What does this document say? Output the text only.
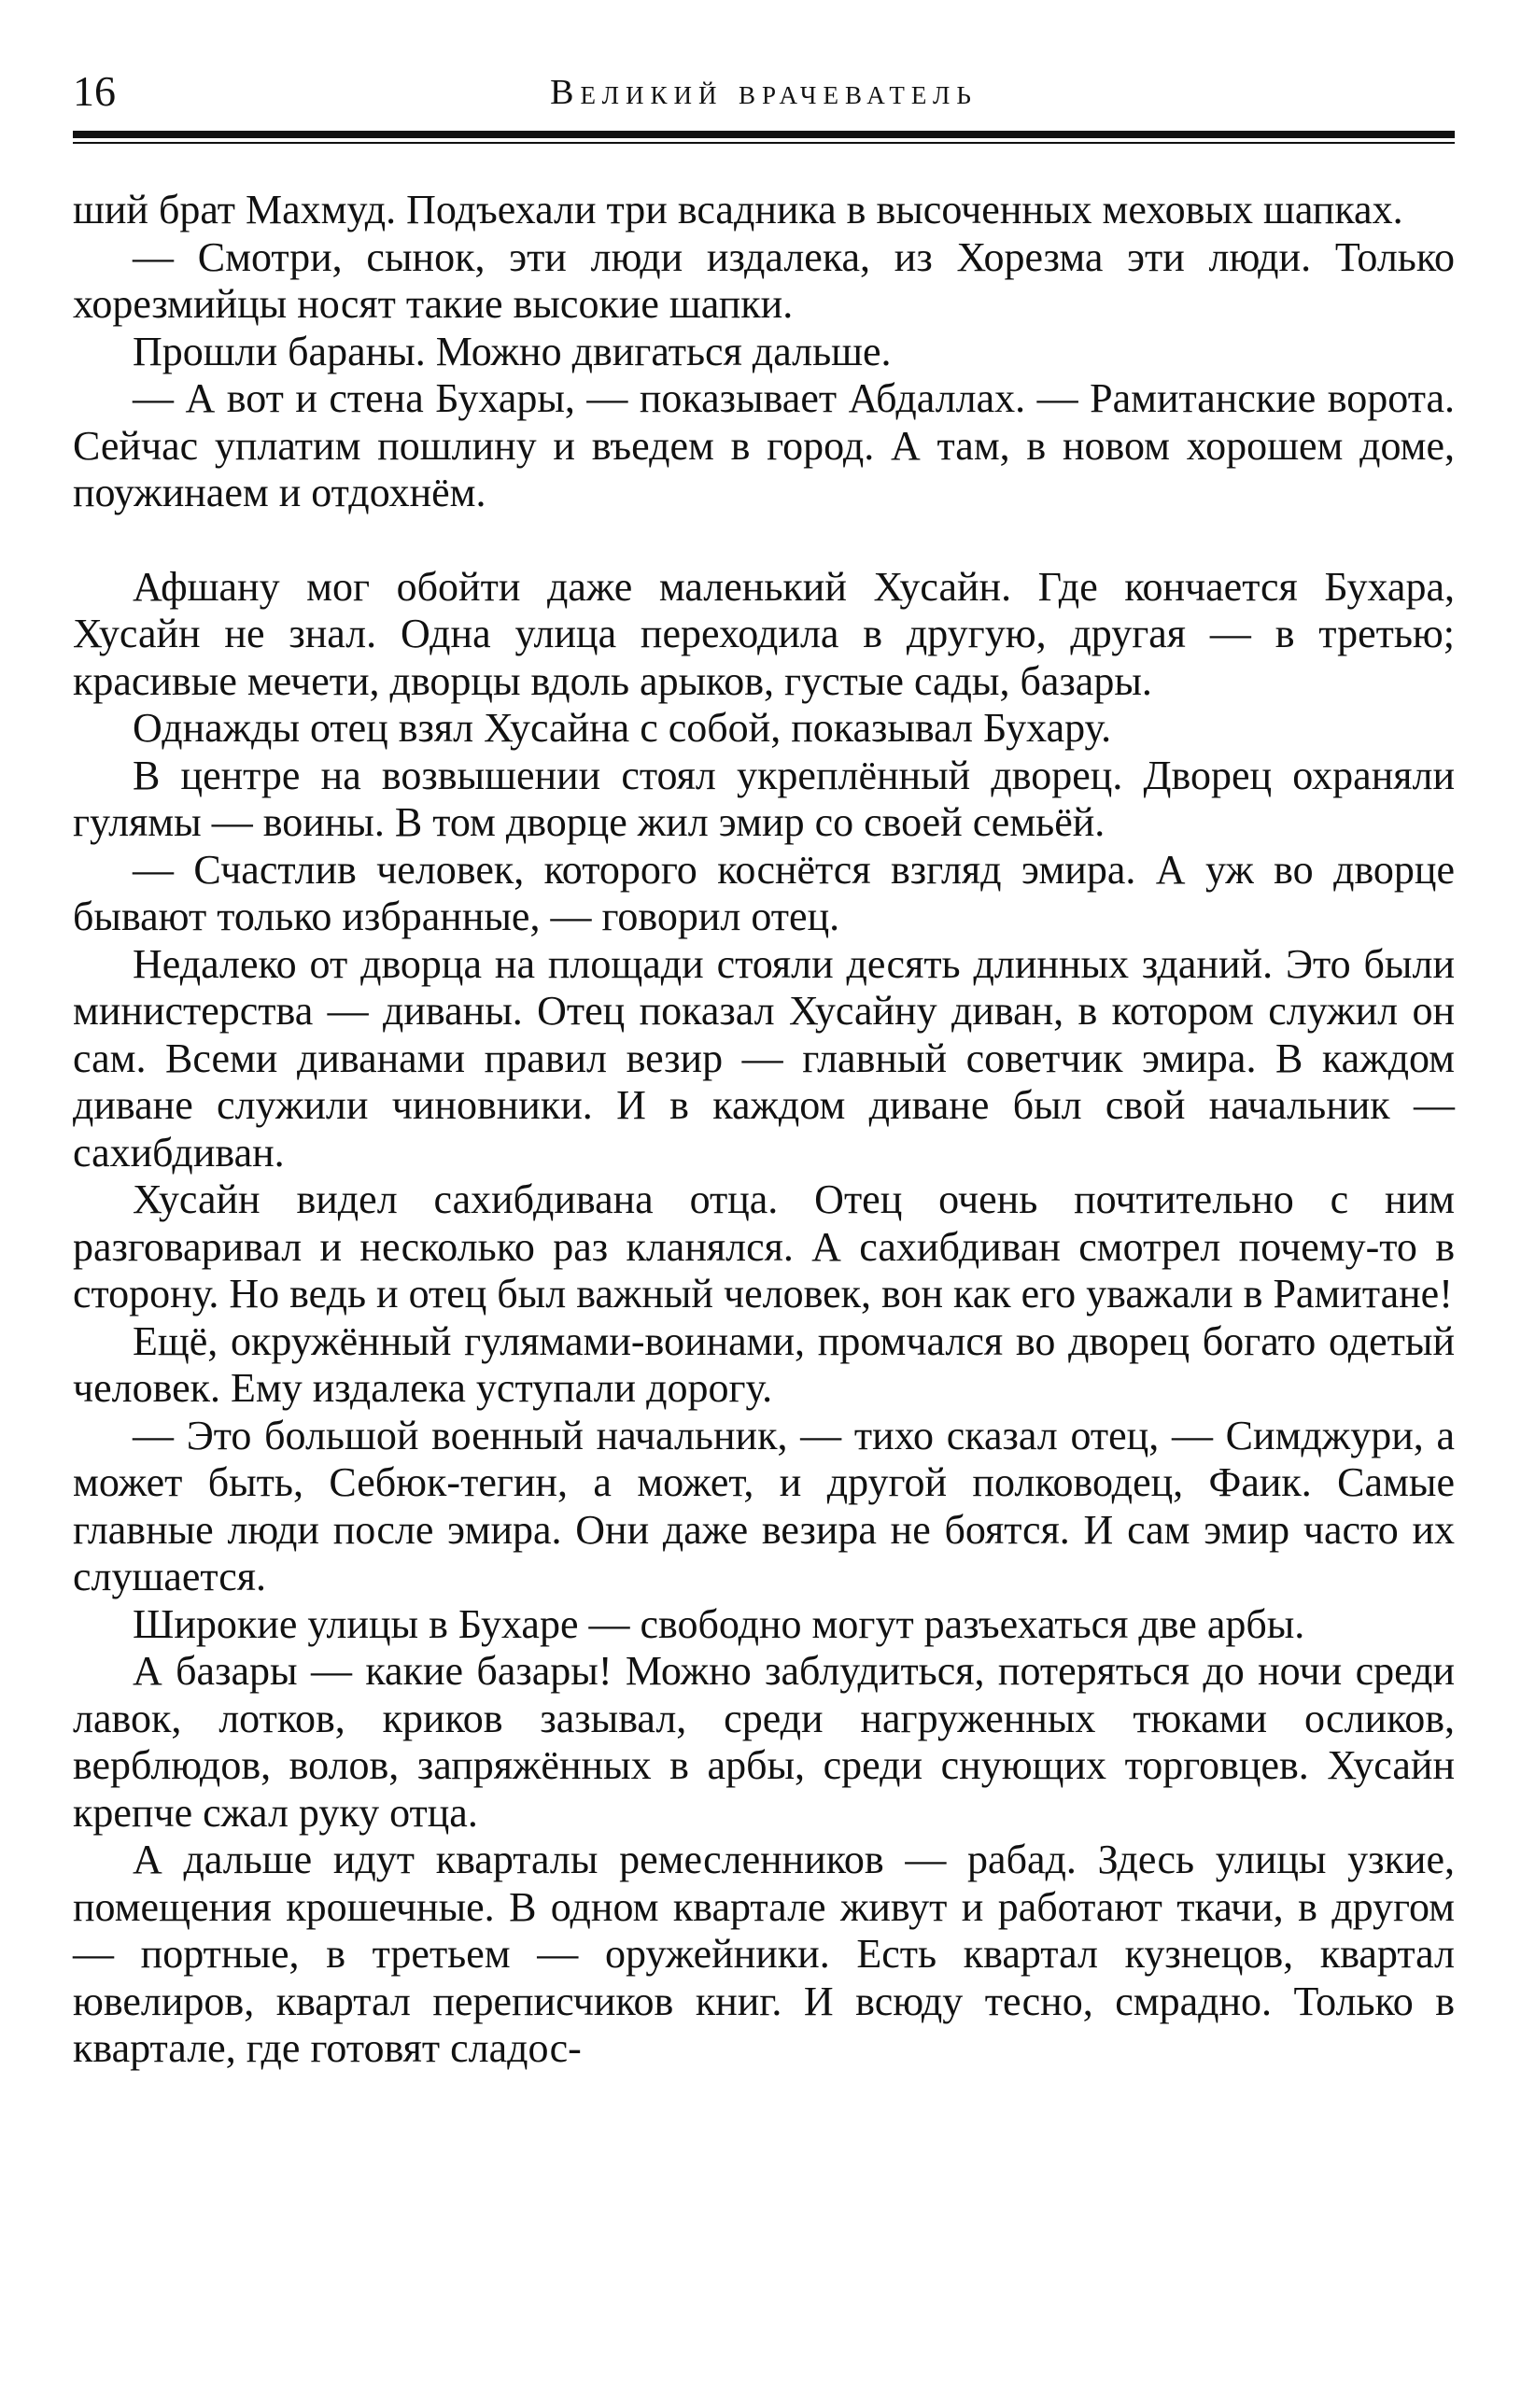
16	Великий врачеватель

ший брат Махмуд. Подъехали три всадника в высоченных меховых шапках.

— Смотри, сынок, эти люди издалека, из Хорезма эти люди. Только хорезмийцы носят такие высокие шапки.

Прошли бараны. Можно двигаться дальше.

— А вот и стена Бухары, — показывает Абдаллах. — Рамитанские ворота. Сейчас уплатим пошлину и въедем в город. А там, в новом хорошем доме, поужинаем и отдохнём.

Афшану мог обойти даже маленький Хусайн. Где кончается Бухара, Хусайн не знал. Одна улица переходила в другую, другая — в третью; красивые мечети, дворцы вдоль арыков, густые сады, базары.

Однажды отец взял Хусайна с собой, показывал Бухару.

В центре на возвышении стоял укреплённый дворец. Дворец охраняли гулямы — воины. В том дворце жил эмир со своей семьёй.

— Счастлив человек, которого коснётся взгляд эмира. А уж во дворце бывают только избранные, — говорил отец.

Недалеко от дворца на площади стояли десять длинных зданий. Это были министерства — диваны. Отец показал Хусайну диван, в котором служил он сам. Всеми диванами правил везир — главный советчик эмира. В каждом диване служили чиновники. И в каждом диване был свой начальник — сахибдиван.

Хусайн видел сахибдивана отца. Отец очень почтительно с ним разговаривал и несколько раз кланялся. А сахибдиван смотрел почему-то в сторону. Но ведь и отец был важный человек, вон как его уважали в Рамитане!

Ещё, окружённый гулямами-воинами, промчался во дворец богато одетый человек. Ему издалека уступали дорогу.

— Это большой военный начальник, — тихо сказал отец, — Симджури, а может быть, Себюк-тегин, а может, и другой полководец, Фаик. Самые главные люди после эмира. Они даже везира не боятся. И сам эмир часто их слушается.

Широкие улицы в Бухаре — свободно могут разъехаться две арбы.

А базары — какие базары! Можно заблудиться, потеряться до ночи среди лавок, лотков, криков зазывал, среди нагруженных тюками осликов, верблюдов, волов, запряжённых в арбы, среди снующих торговцев. Хусайн крепче сжал руку отца.

А дальше идут кварталы ремесленников — рабад. Здесь улицы узкие, помещения крошечные. В одном квартале живут и работают ткачи, в другом — портные, в третьем — оружейники. Есть квартал кузнецов, квартал ювелиров, квартал переписчиков книг. И всюду тесно, смрадно. Только в квартале, где готовят сладос-
